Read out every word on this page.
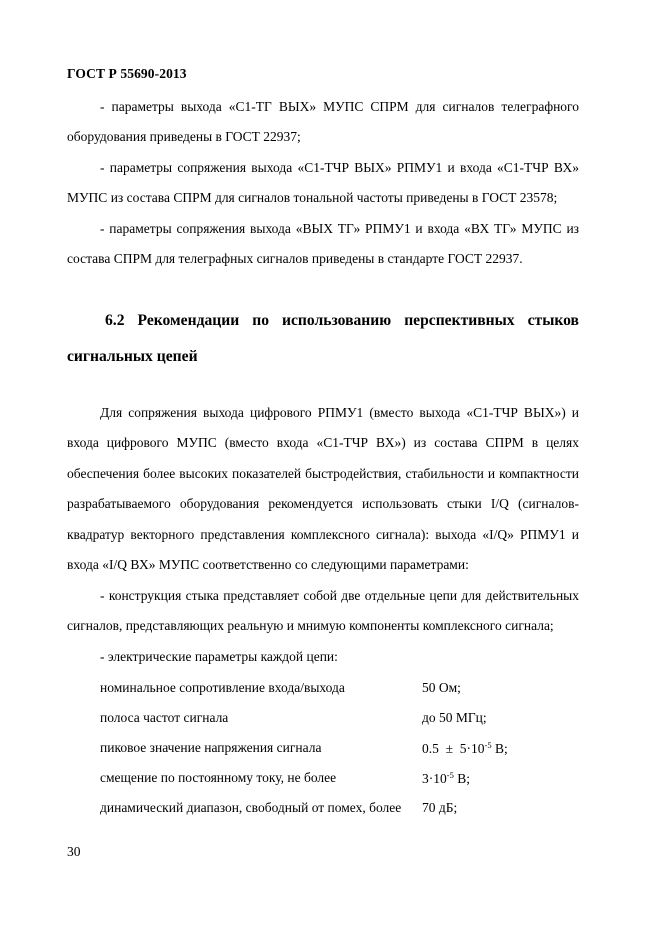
ГОСТ Р 55690-2013
- параметры выхода «С1-ТГ ВЫХ» МУПС СПРМ для сигналов телеграфного оборудования приведены в ГОСТ 22937;
- параметры сопряжения выхода «С1-ТЧР ВЫХ» РПМУ1 и входа «С1-ТЧР ВХ» МУПС из состава СПРМ для сигналов тональной частоты приведены в ГОСТ 23578;
- параметры сопряжения выхода «ВЫХ ТГ» РПМУ1 и входа «ВХ ТГ» МУПС из состава СПРМ для телеграфных сигналов приведены в стандарте ГОСТ 22937.
6.2 Рекомендации по использованию перспективных стыков сигнальных цепей
Для сопряжения выхода цифрового РПМУ1 (вместо выхода «С1-ТЧР ВЫХ») и входа цифрового МУПС (вместо входа «С1-ТЧР ВХ») из состава СПРМ в целях обеспечения более высоких показателей быстродействия, стабильности и компактности разрабатываемого оборудования рекомендуется использовать стыки I/Q (сигналов-квадратур векторного представления комплексного сигнала): выхода «I/Q» РПМУ1 и входа «I/Q ВХ» МУПС соответственно со следующими параметрами:
- конструкция стыка представляет собой две отдельные цепи для действительных сигналов, представляющих реальную и мнимую компоненты комплексного сигнала;
- электрические параметры каждой цепи:
номинальное сопротивление входа/выхода	50 Ом;
полоса частот сигнала	до 50 МГц;
пиковое значение напряжения сигнала	$0.5 \pm 5\cdot 10^{-5}$ В;
смещение по постоянному току, не более	$3\cdot 10^{-5}$ В;
динамический диапазон, свободный от помех, более 70 дБ;
30
